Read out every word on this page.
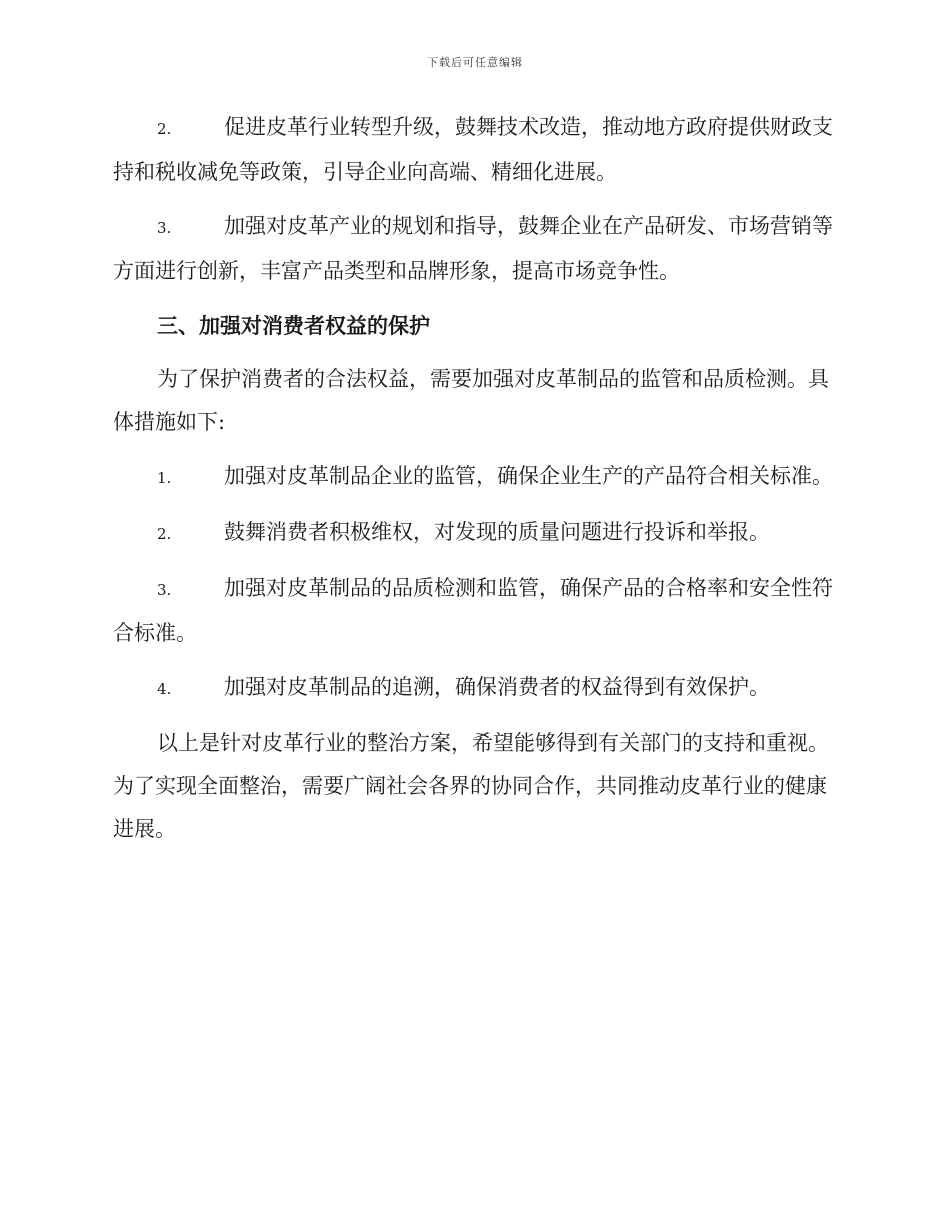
下载后可任意编辑

2.	促进皮革行业转型升级，鼓舞技术改造，推动地方政府提供财政支持和税收减免等政策，引导企业向高端、精细化进展。

3.	加强对皮革产业的规划和指导，鼓舞企业在产品研发、市场营销等方面进行创新，丰富产品类型和品牌形象，提高市场竞争性。

三、加强对消费者权益的保护

为了保护消费者的合法权益，需要加强对皮革制品的监管和品质检测。具体措施如下:

1.	加强对皮革制品企业的监管，确保企业生产的产品符合相关标准。

2.	鼓舞消费者积极维权，对发现的质量问题进行投诉和举报。

3.	加强对皮革制品的品质检测和监管，确保产品的合格率和安全性符合标准。

4.	加强对皮革制品的追溯，确保消费者的权益得到有效保护。

以上是针对皮革行业的整治方案，希望能够得到有关部门的支持和重视。为了实现全面整治，需要广阔社会各界的协同合作，共同推动皮革行业的健康进展。
